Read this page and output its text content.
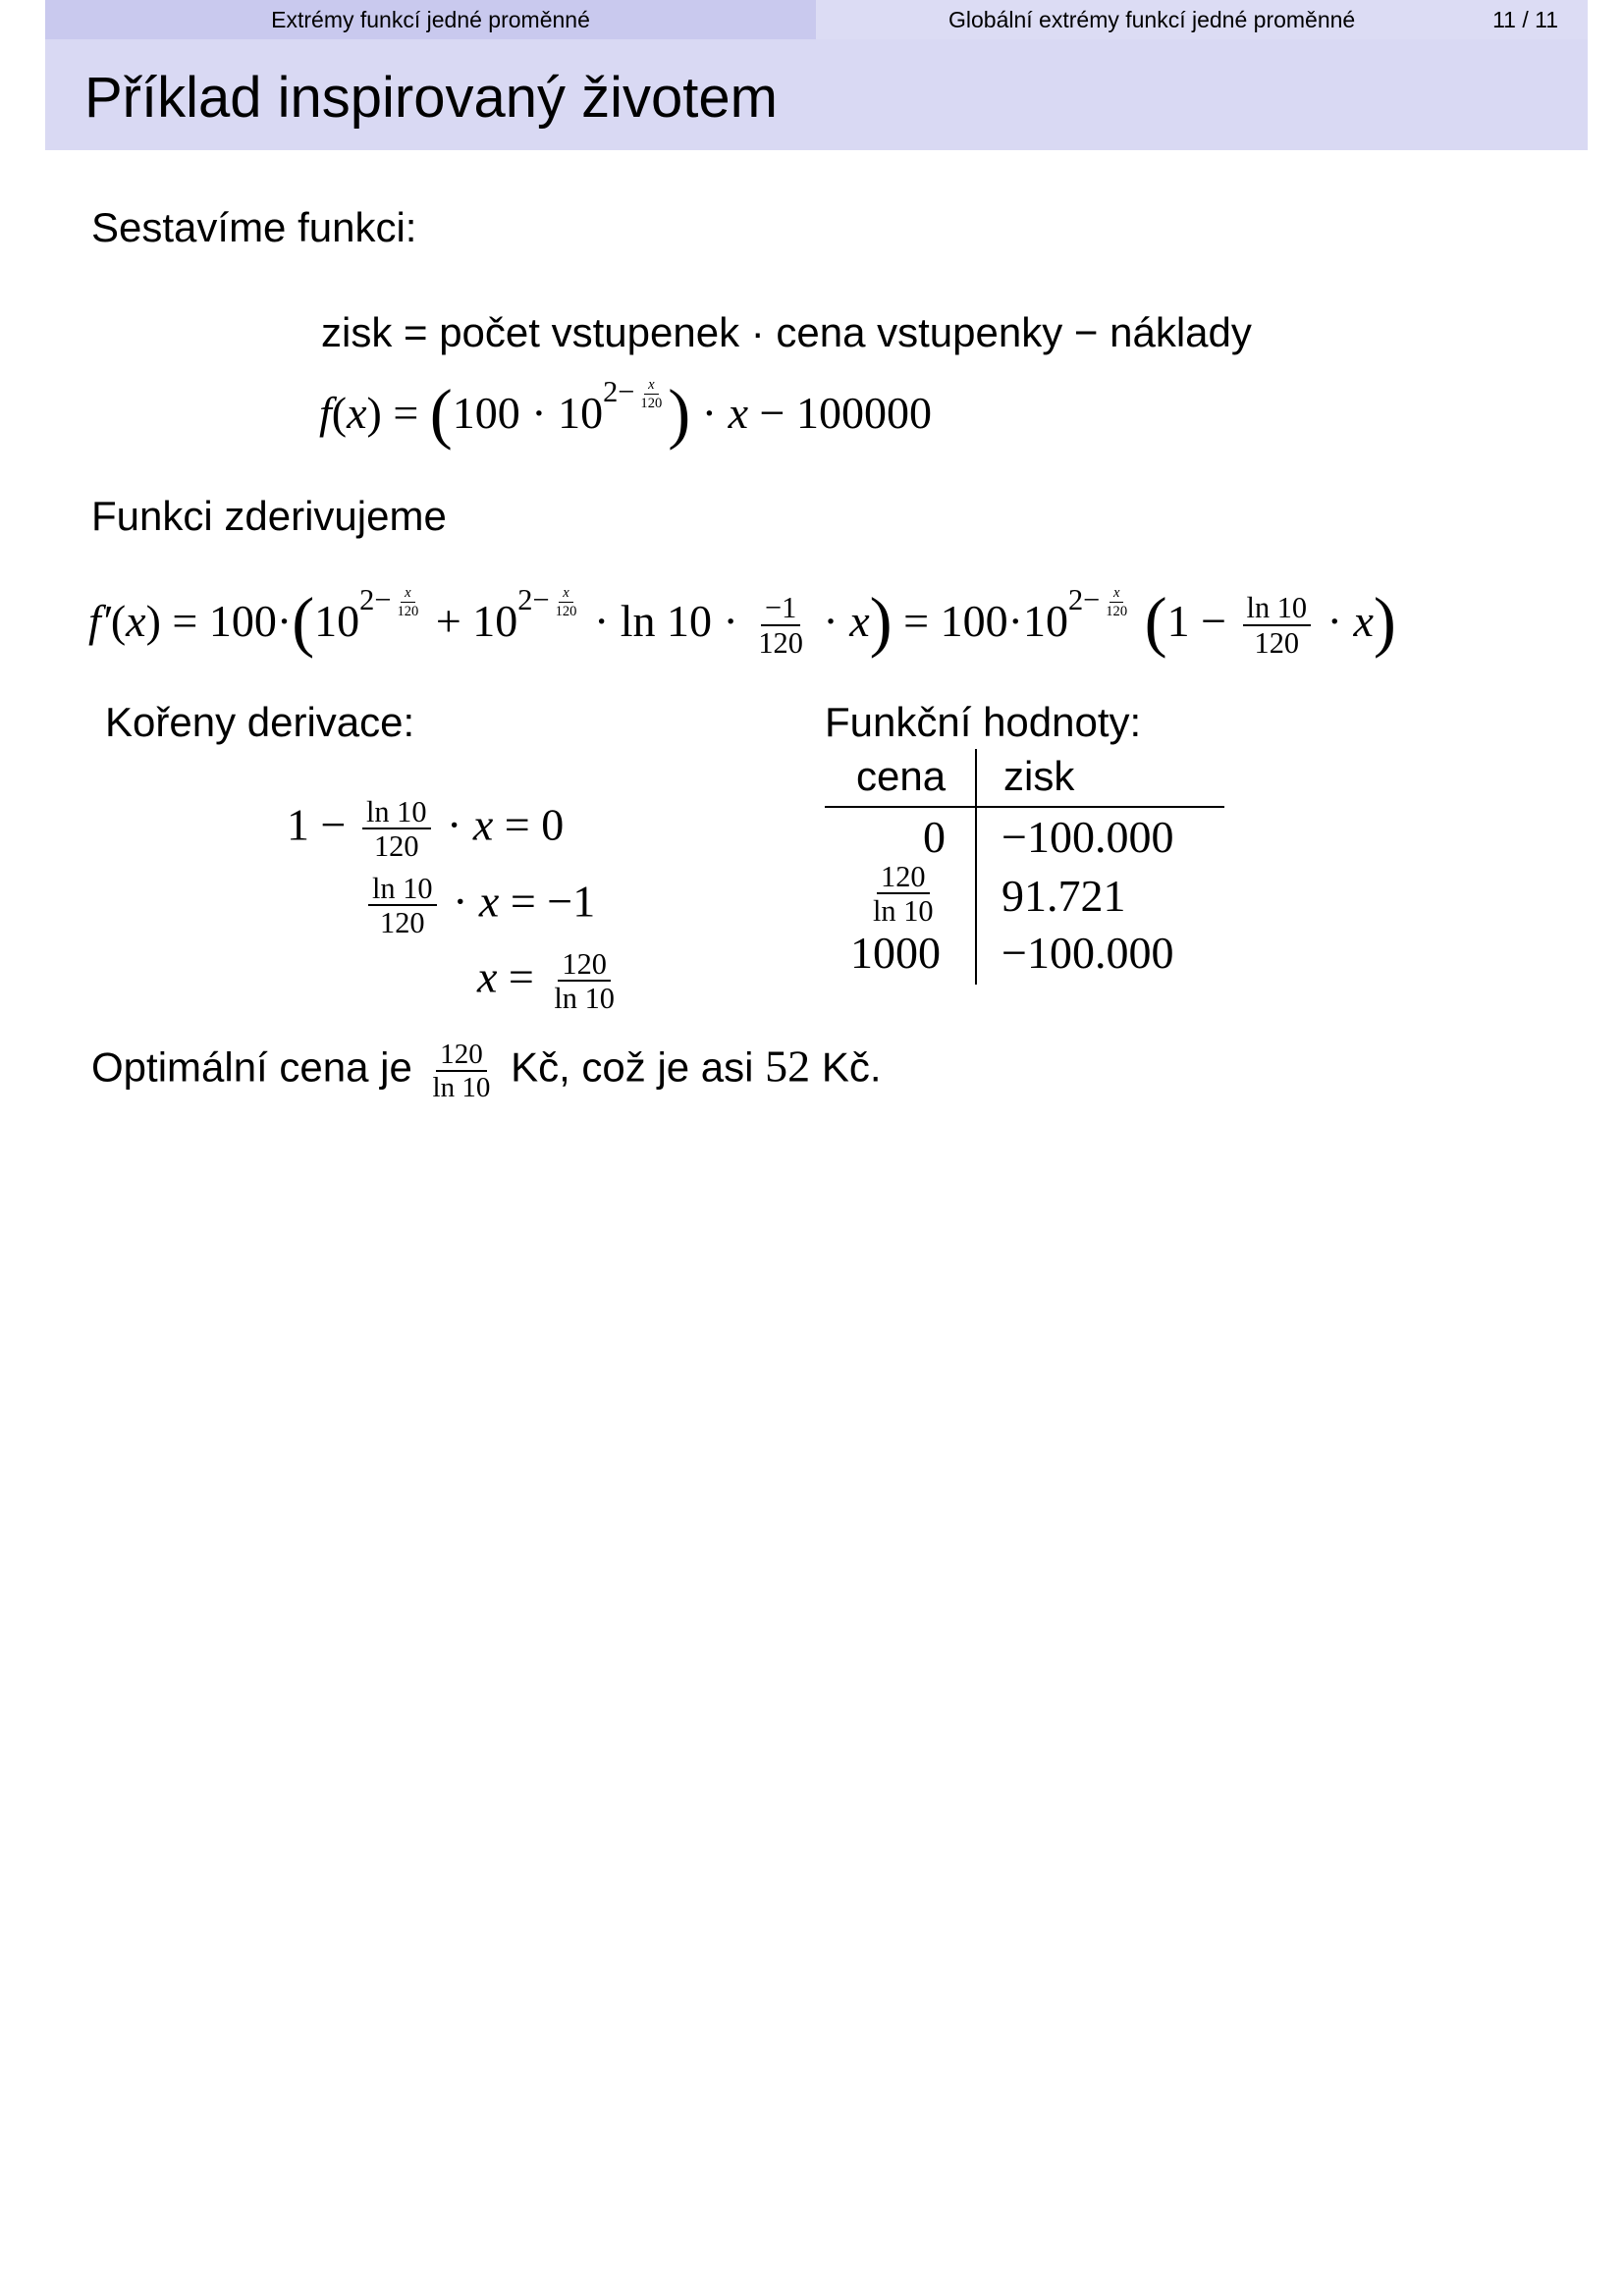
Extrémy funkcí jedné proměnné	Globální extrémy funkcí jedné proměnné	11 / 11
Příklad inspirovaný životem
Sestavíme funkci:
zisk = počet vstupenek · cena vstupenky − náklady
$f(x) = (100 \cdot 10^{2- \frac{x}{120}}$ ) · x − 100000
Funkci zderivujeme
$f'(x) = 100\cdot(10^{2- \frac{x}{120}} + 10^{2- \frac{x}{120}} \cdot \ln 10 \cdot \frac{-1}{120} \cdot x) = 100\cdot 10^{2- \frac{x}{120}}$ $(1 - \frac{\ln 10}{120} \cdot x)$
Kořeny derivace:
$1 - \frac{\ln 10}{120} \cdot x = 0$
$\frac{\ln 10}{120} \cdot x = -1$
$x = \frac{120}{\ln 10}$
Funkční hodnoty:
cena zisk
0 −100.000
$\frac{120}{\ln 10} 91.721$
1000 −100.000
Optimální cena je $\frac{120}{\ln 10}$ Kč, což je asi 52 Kč.
